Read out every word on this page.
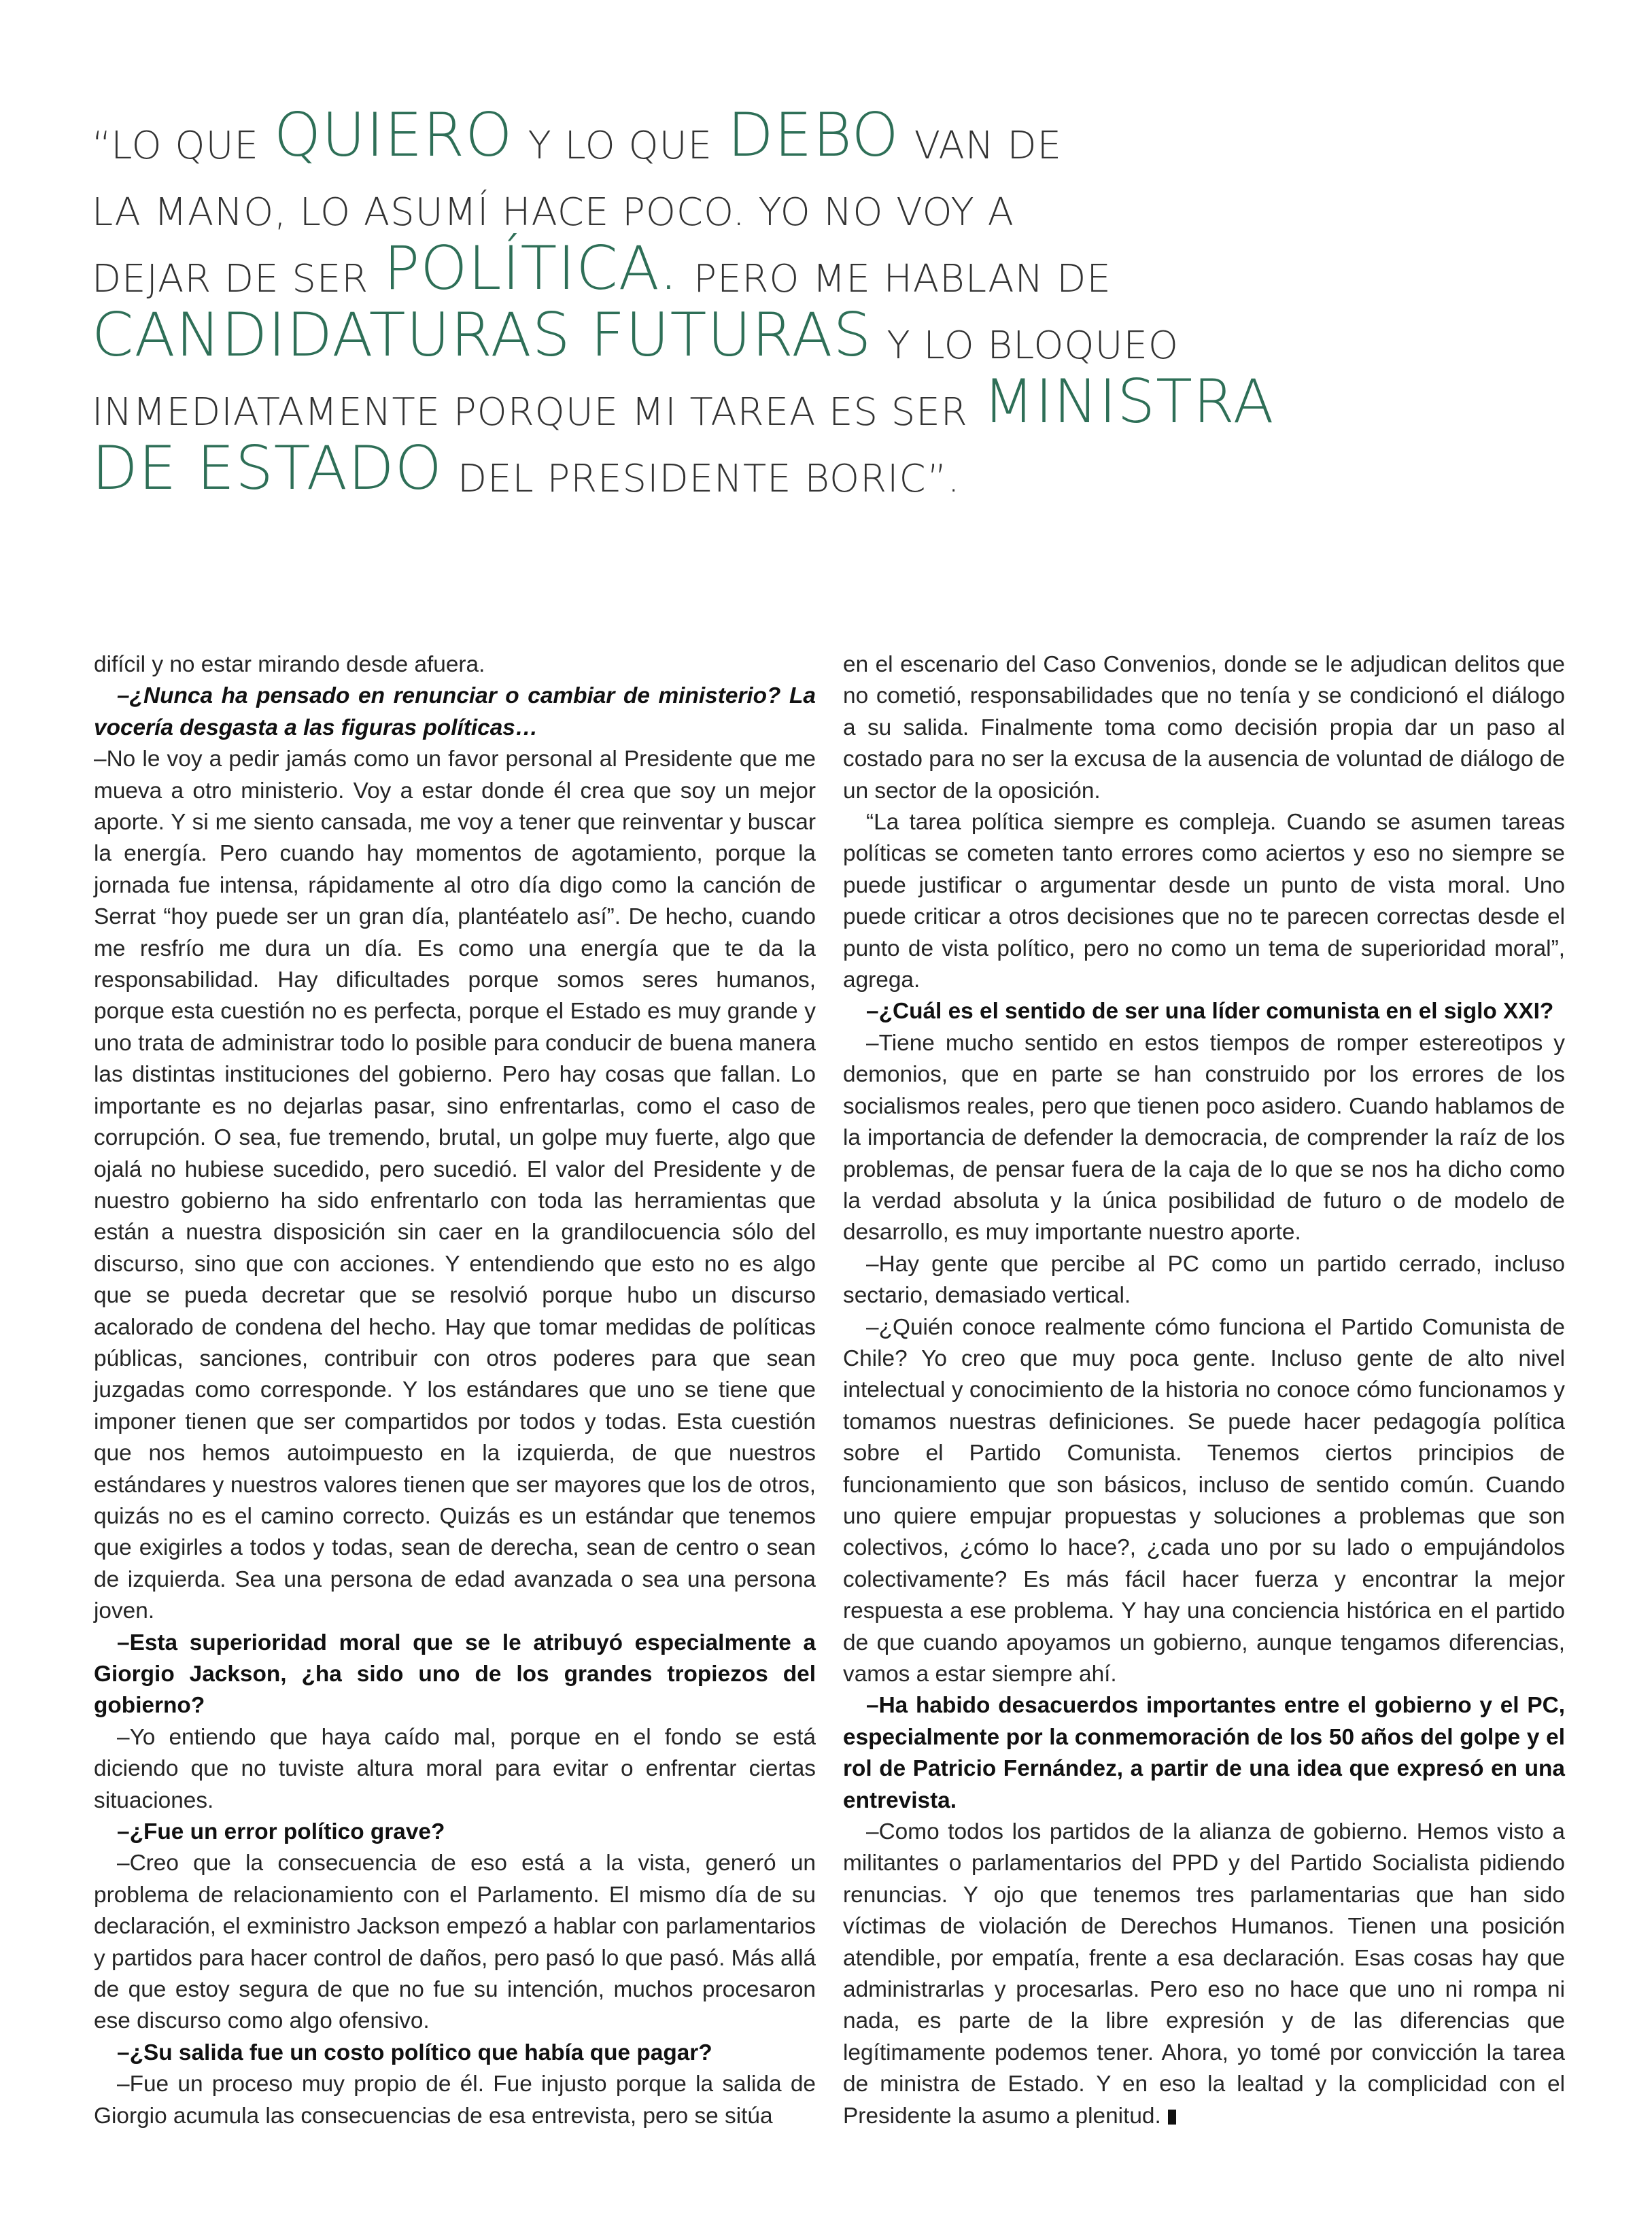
“LO QUE QUIERO Y LO QUE DEBO VAN DE
LA MANO, LO ASUMÍ HACE POCO. YO NO VOY A
DEJAR DE SER POLÍTICA. PERO ME HABLAN DE
CANDIDATURAS FUTURAS Y LO BLOQUEO
INMEDIATAMENTE PORQUE MI TAREA ES SER MINISTRA
DE ESTADO DEL PRESIDENTE BORIC”.

difícil y no estar mirando desde afuera.

–¿Nunca ha pensado en renunciar o cambiar de ministerio? La vocería desgasta a las figuras políticas…

–No le voy a pedir jamás como un favor personal al Presidente que me mueva a otro ministerio. Voy a estar donde él crea que soy un mejor aporte. Y si me siento cansada, me voy a tener que reinventar y buscar la energía. Pero cuando hay momentos de agotamiento, porque la jornada fue intensa, rápidamente al otro día digo como la canción de Serrat “hoy puede ser un gran día, plantéatelo así”. De hecho, cuando me resfrío me dura un día. Es como una energía que te da la responsabilidad. Hay dificultades porque somos seres humanos, porque esta cuestión no es perfecta, porque el Estado es muy grande y uno trata de administrar todo lo posible para conducir de buena manera las distintas instituciones del gobierno. Pero hay cosas que fallan. Lo importante es no dejarlas pasar, sino enfrentarlas, como el caso de corrupción. O sea, fue tremendo, brutal, un golpe muy fuerte, algo que ojalá no hubiese sucedido, pero sucedió. El valor del Presidente y de nuestro gobierno ha sido enfrentarlo con toda las herramientas que están a nuestra disposición sin caer en la grandilocuencia sólo del discurso, sino que con acciones. Y entendiendo que esto no es algo que se pueda decretar que se resolvió porque hubo un discurso acalorado de condena del hecho. Hay que tomar medidas de políticas públicas, sanciones, contribuir con otros poderes para que sean juzgadas como corresponde. Y los estándares que uno se tiene que imponer tienen que ser compartidos por todos y todas. Esta cuestión que nos hemos autoimpuesto en la izquierda, de que nuestros estándares y nuestros valores tienen que ser mayores que los de otros, quizás no es el camino correcto. Quizás es un estándar que tenemos que exigirles a todos y todas, sean de derecha, sean de centro o sean de izquierda. Sea una persona de edad avanzada o sea una persona joven.

–Esta superioridad moral que se le atribuyó especialmente a Giorgio Jackson, ¿ha sido uno de los grandes tropiezos del gobierno?

–Yo entiendo que haya caído mal, porque en el fondo se está diciendo que no tuviste altura moral para evitar o enfrentar ciertas situaciones.

–¿Fue un error político grave?

–Creo que la consecuencia de eso está a la vista, generó un problema de relacionamiento con el Parlamento. El mismo día de su declaración, el exministro Jackson empezó a hablar con parlamentarios y partidos para hacer control de daños, pero pasó lo que pasó. Más allá de que estoy segura de que no fue su intención, muchos procesaron ese discurso como algo ofensivo.

–¿Su salida fue un costo político que había que pagar?

–Fue un proceso muy propio de él. Fue injusto porque la salida de Giorgio acumula las consecuencias de esa entrevista, pero se sitúa

en el escenario del Caso Convenios, donde se le adjudican delitos que no cometió, responsabilidades que no tenía y se condicionó el diálogo a su salida. Finalmente toma como decisión propia dar un paso al costado para no ser la excusa de la ausencia de voluntad de diálogo de un sector de la oposición.

“La tarea política siempre es compleja. Cuando se asumen tareas políticas se cometen tanto errores como aciertos y eso no siempre se puede justificar o argumentar desde un punto de vista moral. Uno puede criticar a otros decisiones que no te parecen correctas desde el punto de vista político, pero no como un tema de superioridad moral”, agrega.

–¿Cuál es el sentido de ser una líder comunista en el siglo XXI?

–Tiene mucho sentido en estos tiempos de romper estereotipos y demonios, que en parte se han construido por los errores de los socialismos reales, pero que tienen poco asidero. Cuando hablamos de la importancia de defender la democracia, de comprender la raíz de los problemas, de pensar fuera de la caja de lo que se nos ha dicho como la verdad absoluta y la única posibilidad de futuro o de modelo de desarrollo, es muy importante nuestro aporte.

–Hay gente que percibe al PC como un partido cerrado, incluso sectario, demasiado vertical.

–¿Quién conoce realmente cómo funciona el Partido Comunista de Chile? Yo creo que muy poca gente. Incluso gente de alto nivel intelectual y conocimiento de la historia no conoce cómo funcionamos y tomamos nuestras definiciones. Se puede hacer pedagogía política sobre el Partido Comunista. Tenemos ciertos principios de funcionamiento que son básicos, incluso de sentido común. Cuando uno quiere empujar propuestas y soluciones a problemas que son colectivos, ¿cómo lo hace?, ¿cada uno por su lado o empujándolos colectivamente? Es más fácil hacer fuerza y encontrar la mejor respuesta a ese problema. Y hay una conciencia histórica en el partido de que cuando apoyamos un gobierno, aunque tengamos diferencias, vamos a estar siempre ahí.

–Ha habido desacuerdos importantes entre el gobierno y el PC, especialmente por la conmemoración de los 50 años del golpe y el rol de Patricio Fernández, a partir de una idea que expresó en una entrevista.

–Como todos los partidos de la alianza de gobierno. Hemos visto a militantes o parlamentarios del PPD y del Partido Socialista pidiendo renuncias. Y ojo que tenemos tres parlamentarias que han sido víctimas de violación de Derechos Humanos. Tienen una posición atendible, por empatía, frente a esa declaración. Esas cosas hay que administrarlas y procesarlas. Pero eso no hace que uno ni rompa ni nada, es parte de la libre expresión y de las diferencias que legítimamente podemos tener. Ahora, yo tomé por convicción la tarea de ministra de Estado. Y en eso la lealtad y la complicidad con el Presidente la asumo a plenitud.
